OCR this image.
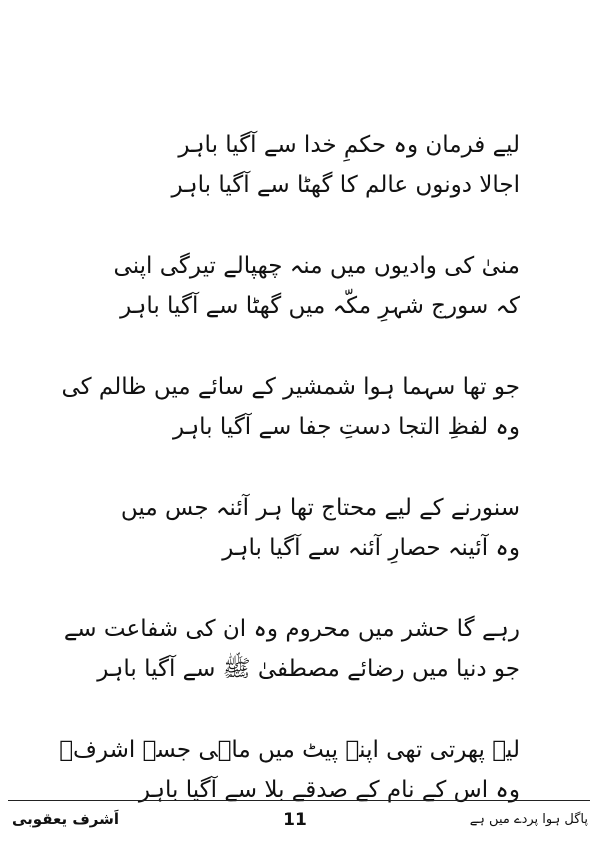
لیے فرمان وہ حکمِ خدا سے آگیا باہر
اجالا دونوں عالم کا گھٹا سے آگیا باہر
منیٰ کی وادیوں میں منہ چھپالے تیرگی اپنی
کہ سورج شہرِ مکّہ میں گھٹا سے آگیا باہر
جو تھا سہما ہوا شمشیر کے سائے میں ظالم کی
وہ لفظِ التجا دستِ جفا سے آگیا باہر
سنورنے کے لیے محتاج تھا ہر آئنہ جس میں
وہ آئینہ حصارِ آئنہ سے آگیا باہر
رہے گا حشر میں محروم وہ ان کی شفاعت سے
جو دنیا میں رضائے مصطفیٰ ﷺ سے آگیا باہر
لیے پھرتی تھی اپنے پیٹ میں ماہی جسے اشرفؔ
وہ اس کے نام کے صدقے بلا سے آگیا باہر
اَشرف یعقوبی	11	پاگل ہوا پردے میں ہے
